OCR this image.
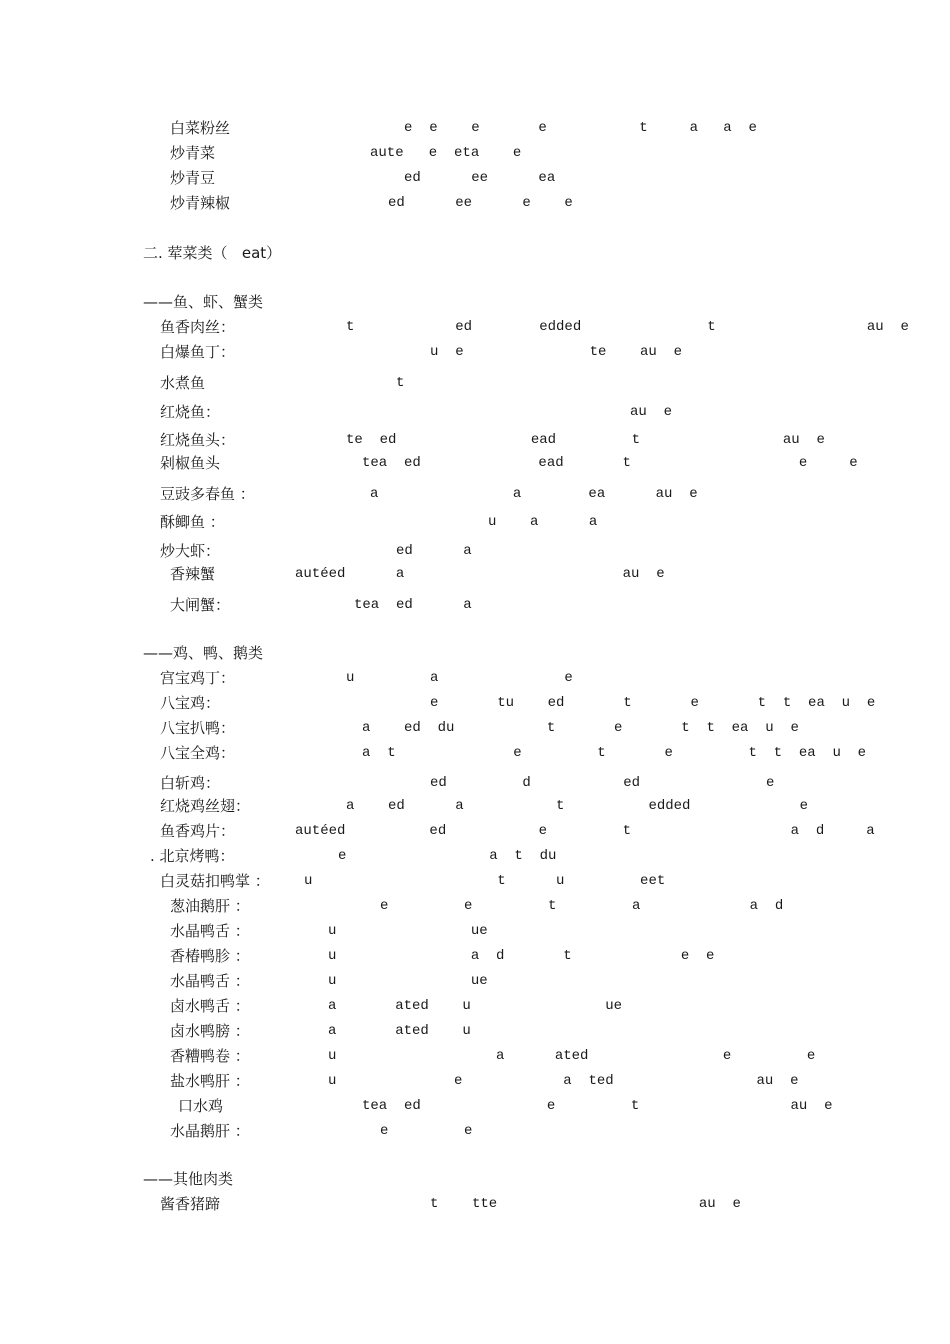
白菜粉丝	e  e    e       e           t     a   a  e
炒青菜	aute   e  eta    e
炒青豆	ed      ee      ea
炒青辣椒	ed      ee      e    e
二. 荤菜类（   eat）
——鱼、虾、蟹类
鱼香肉丝：	t            ed        edded               t                  au  e
白爆鱼丁：	u  e               te    au  e
水煮鱼	t
红烧鱼：	au  e
红烧鱼头：	te  ed                ead         t                 au  e
剁椒鱼头	tea  ed              ead       t                    e     e
豆豉多春鱼 ：	a                a        ea      au  e
酥鲫鱼 ：	u    a      a
炒大虾：	ed      a
香辣蟹	autéed      a                          au  e
大闸蟹：	tea  ed      a
——鸡、鸭、鹅类
宫宝鸡丁：	u         a               e
八宝鸡：	e       tu    ed       t       e       t  t  ea  u  e
八宝扒鸭：	a    ed  du           t       e       t  t  ea  u  e
八宝全鸡：	a  t              e         t       e         t  t  ea  u  e
白斩鸡：	ed         d           ed               e
红烧鸡丝翅：	a    ed      a           t          edded             e
鱼香鸡片：	autéed          ed           e         t                   a  d     a
. 北京烤鸭：	e                 a  t  du
白灵菇扣鸭掌 ： u                      t      u         eet
葱油鹅肝 ：	e         e         t         a             a  d
水晶鸭舌 ：	u                ue
香椿鸭胗 ：	u                a  d       t             e  e
水晶鸭舌 ：	u                ue
卤水鸭舌 ：	a       ated    u                ue
卤水鸭膀 ：	a       ated    u
香糟鸭卷 ：	u                   a      ated                e         e
盐水鸭肝 ：	u              e            a  ted                 au  e
口水鸡	tea  ed               e         t                  au  e
水晶鹅肝 ：	e         e
——其他肉类
酱香猪蹄	t    tte                        au  e
